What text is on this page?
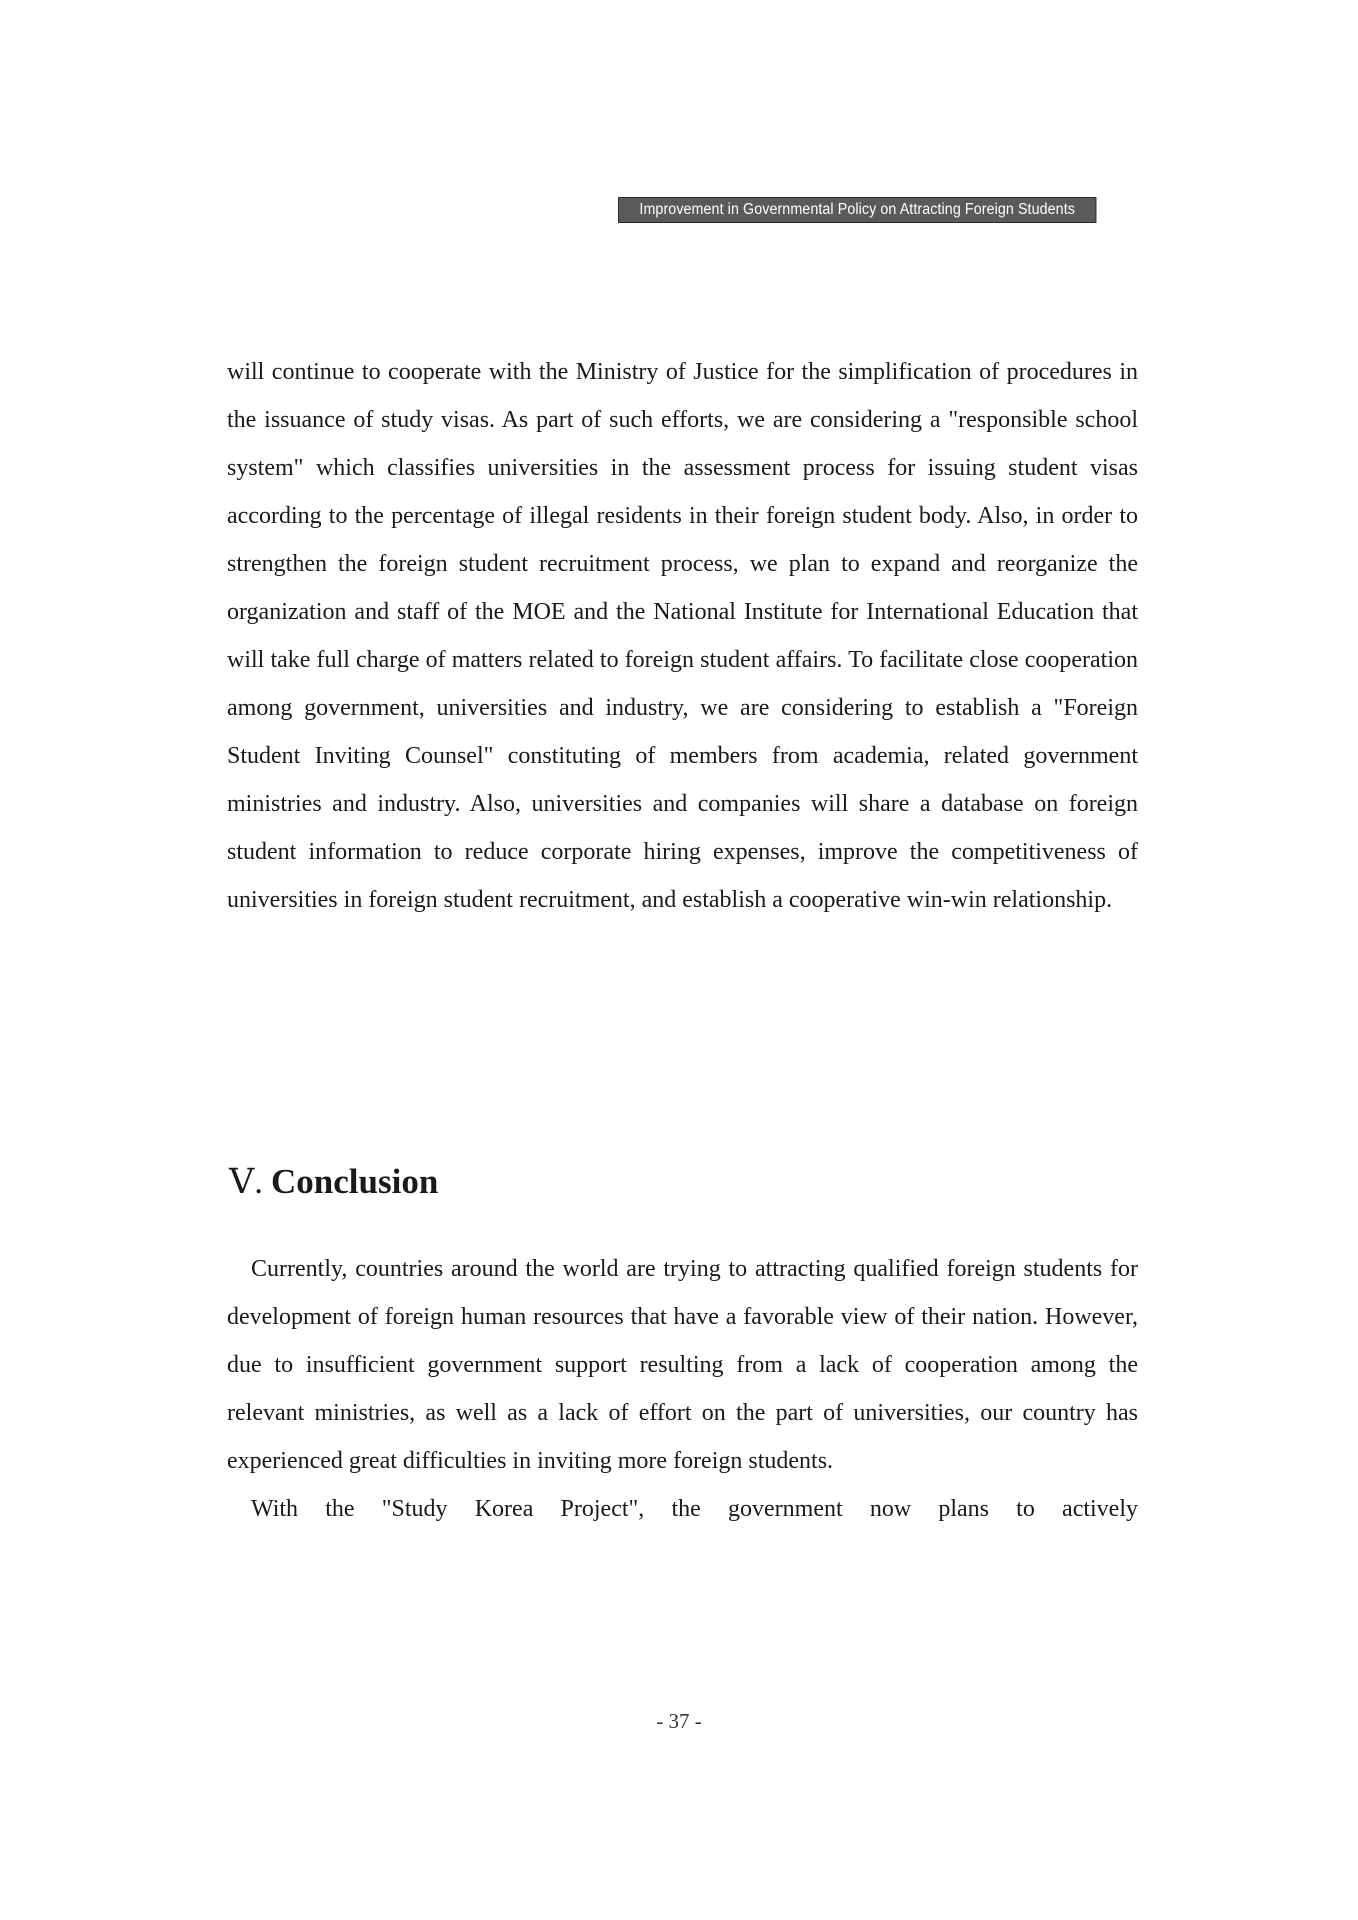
Improvement in Governmental Policy on Attracting Foreign Students

will continue to cooperate with the Ministry of Justice for the simplification of procedures in the issuance of study visas. As part of such efforts, we are considering a "responsible school system" which classifies universities in the assessment process for issuing student visas according to the percentage of illegal residents in their foreign student body. Also, in order to strengthen the foreign student recruitment process, we plan to expand and reorganize the organization and staff of the MOE and the National Institute for International Education that will take full charge of matters related to foreign student affairs. To facilitate close cooperation among government, universities and industry, we are considering to establish a "Foreign Student Inviting Counsel" constituting of members from academia, related government ministries and industry. Also, universities and companies will share a database on foreign student information to reduce corporate hiring expenses, improve the competitiveness of universities in foreign student recruitment, and establish a cooperative win-win relationship.

Ⅴ. Conclusion

Currently, countries around the world are trying to attracting qualified foreign students for development of foreign human resources that have a favorable view of their nation. However, due to insufficient government support resulting from a lack of cooperation among the relevant ministries, as well as a lack of effort on the part of universities, our country has experienced great difficulties in inviting more foreign students.

With the "Study Korea Project", the government now plans to actively

- 37 -
